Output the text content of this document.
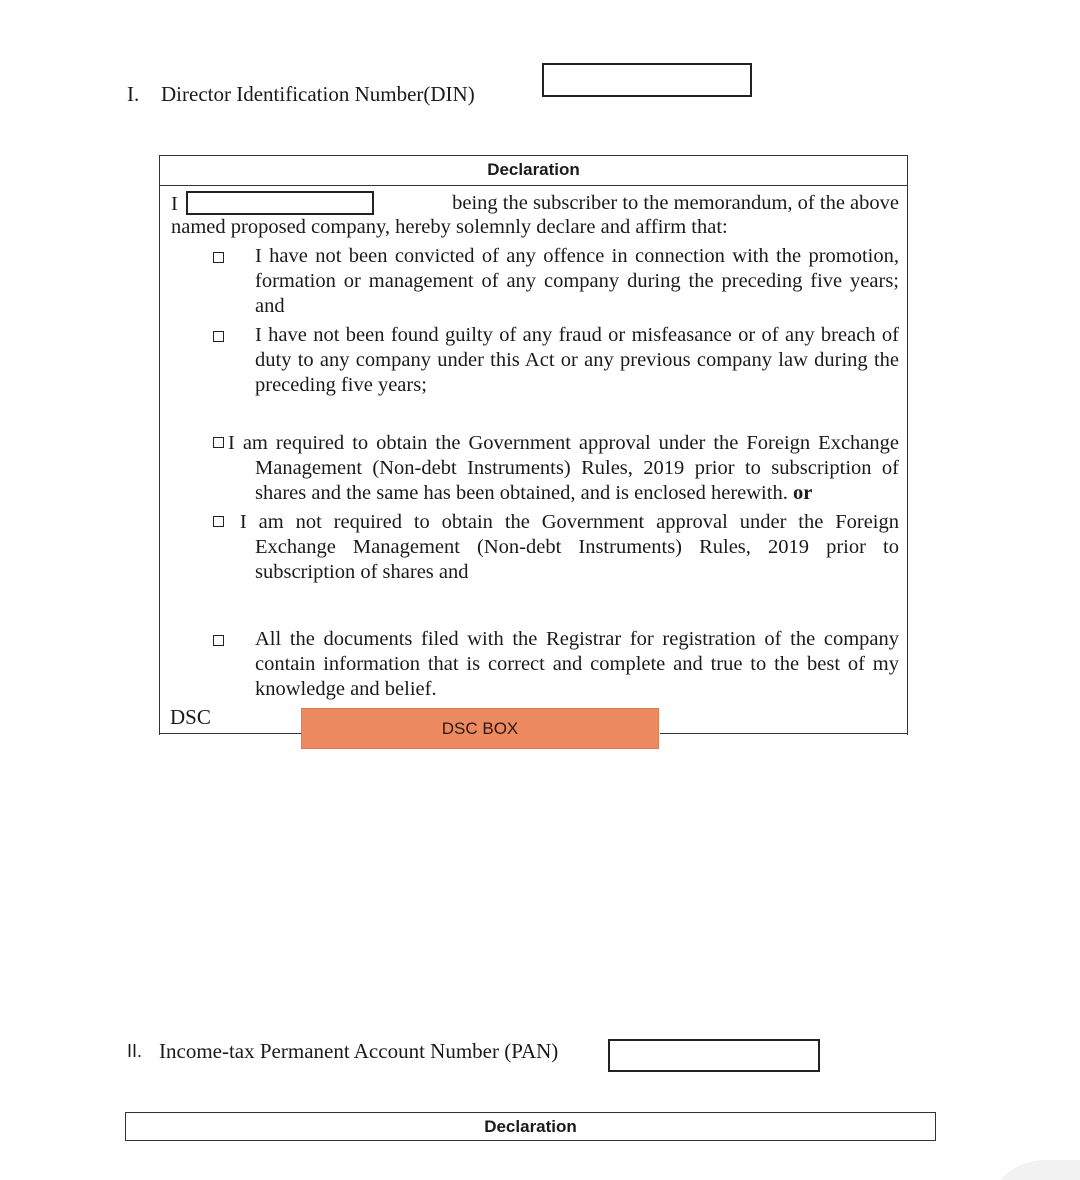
I.	Director Identification Number(DIN)
Declaration
I	being the subscriber to the memorandum, of the above
named proposed company, hereby solemnly declare and affirm that:
I have not been convicted of any offence in connection with the promotion, formation or management of any company during the preceding five years; and
I have not been found guilty of any fraud or misfeasance or of any breach of duty to any company under this Act or any previous company law during the preceding five years;
I am required to obtain the Government approval under the Foreign Exchange Management (Non-debt Instruments) Rules, 2019 prior to subscription of shares and the same has been obtained, and is enclosed herewith. or
I am not required to obtain the Government approval under the Foreign Exchange Management (Non-debt Instruments) Rules, 2019 prior to subscription of shares and
All the documents filed with the Registrar for registration of the company contain information that is correct and complete and true to the best of my knowledge and belief.
DSC	DSC BOX
II. Income-tax Permanent Account Number (PAN)
Declaration
